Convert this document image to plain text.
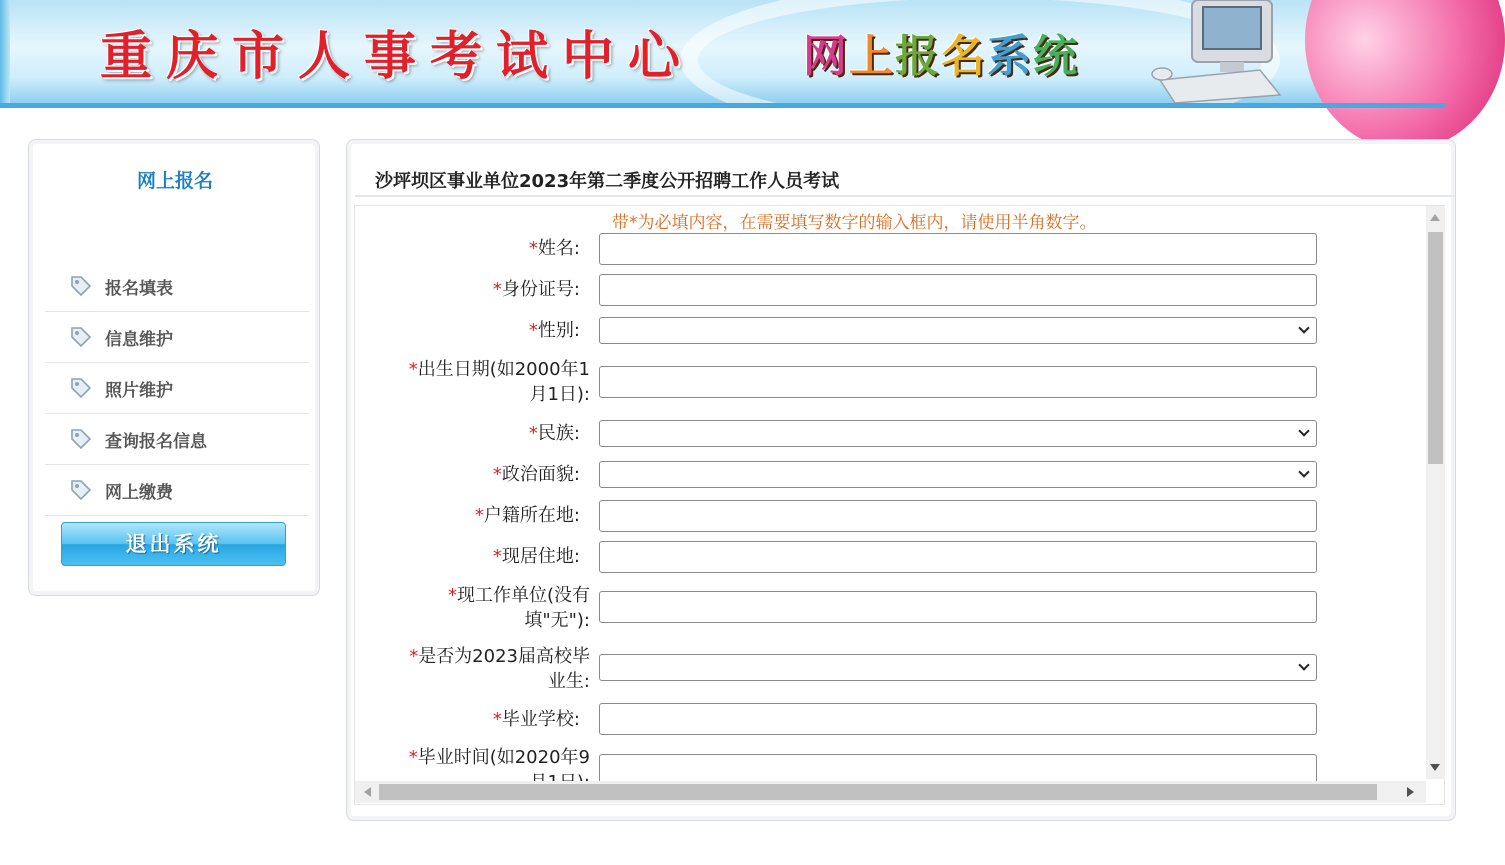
重庆市人事考试中心 网上报名系统
网上报名
报名填表
信息维护
照片维护
查询报名信息
网上缴费
退出系统
沙坪坝区事业单位2023年第二季度公开招聘工作人员考试
带*为必填内容，在需要填写数字的输入框内，请使用半角数字。
*姓名:
*身份证号:
*性别:
*出生日期(如2000年1
月1日):
*民族:
*政治面貌:
*户籍所在地:
*现居住地:
*现工作单位(没有
填"无"):
*是否为2023届高校毕
业生:
*毕业学校:
*毕业时间(如2020年9
